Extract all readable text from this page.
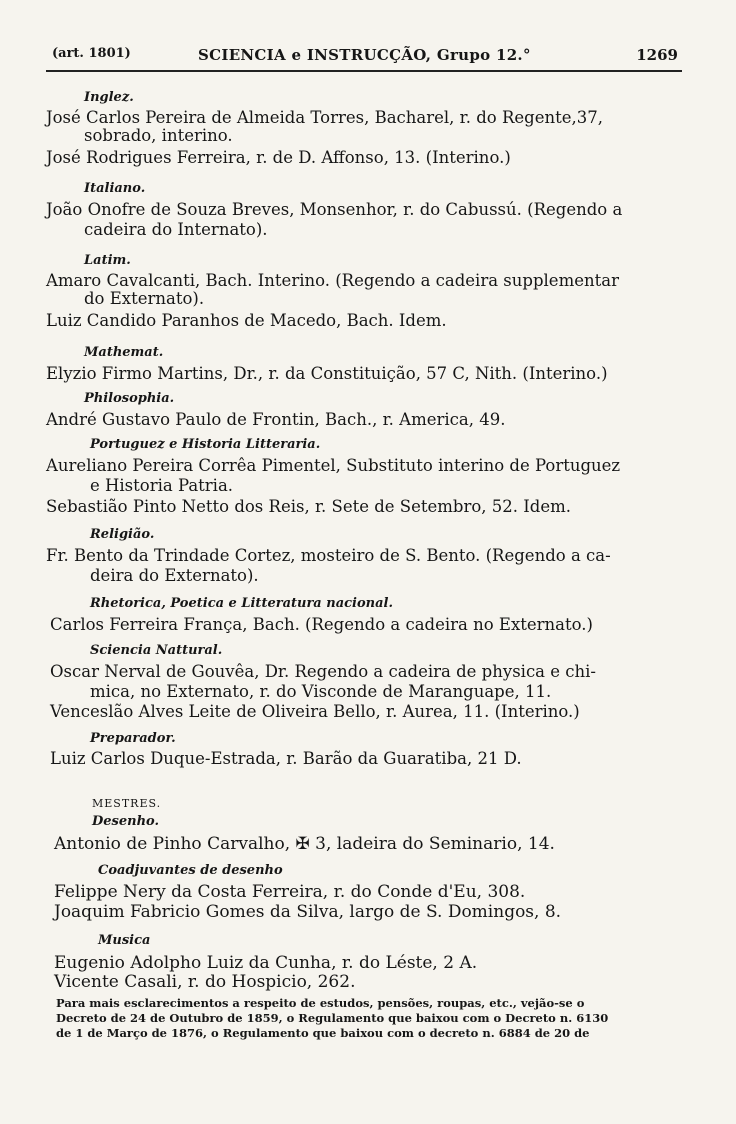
(art. 1801)	SCIENCIA e INSTRUCÇÃO, Grupo 12.°	1269
Inglez.
José Carlos Pereira de Almeida Torres, Bacharel, r. do Regente,37,
sobrado, interino.
José Rodrigues Ferreira, r. de D. Affonso, 13. (Interino.)
Italiano.
João Onofre de Souza Breves, Monsenhor, r. do Cabussú. (Regendo a
cadeira do Internato).
Latim.
Amaro Cavalcanti, Bach. Interino. (Regendo a cadeira supplementar
do Externato).
Luiz Candido Paranhos de Macedo, Bach. Idem.
Mathemat.
Elyzio Firmo Martins, Dr., r. da Constituição, 57 C, Nith. (Interino.)
Philosophia.
André Gustavo Paulo de Frontin, Bach., r. America, 49.
Portuguez e Historia Litteraria.
Aureliano Pereira Corrêa Pimentel, Substituto interino de Portuguez
e Historia Patria.
Sebastião Pinto Netto dos Reis, r. Sete de Setembro, 52. Idem.
Religião.
Fr. Bento da Trindade Cortez, mosteiro de S. Bento. (Regendo a ca-
deira do Externato).
Rhetorica, Poetica e Litteratura nacional.
Carlos Ferreira França, Bach. (Regendo a cadeira no Externato.)
Sciencia Nattural.
Oscar Nerval de Gouvêa, Dr. Regendo a cadeira de physica e chi-
mica, no Externato, r. do Visconde de Maranguape, 11.
Venceslão Alves Leite de Oliveira Bello, r. Aurea, 11. (Interino.)
Preparador.
Luiz Carlos Duque-Estrada, r. Barão da Guaratiba, 21 D.
MESTRES.
Desenho.
Antonio de Pinho Carvalho, ✠ 3, ladeira do Seminario, 14.
Coadjuvantes de desenho
Felippe Nery da Costa Ferreira, r. do Conde d'Eu, 308.
Joaquim Fabricio Gomes da Silva, largo de S. Domingos, 8.
Musica
Eugenio Adolpho Luiz da Cunha, r. do Léste, 2 A.
Vicente Casali, r. do Hospicio, 262.
Para mais esclarecimentos a respeito de estudos, pensões, roupas, etc., vejão-se o
Decreto de 24 de Outubro de 1859, o Regulamento que baixou com o Decreto n. 6130
de 1 de Março de 1876, o Regulamento que baixou com o decreto n. 6884 de 20 de
